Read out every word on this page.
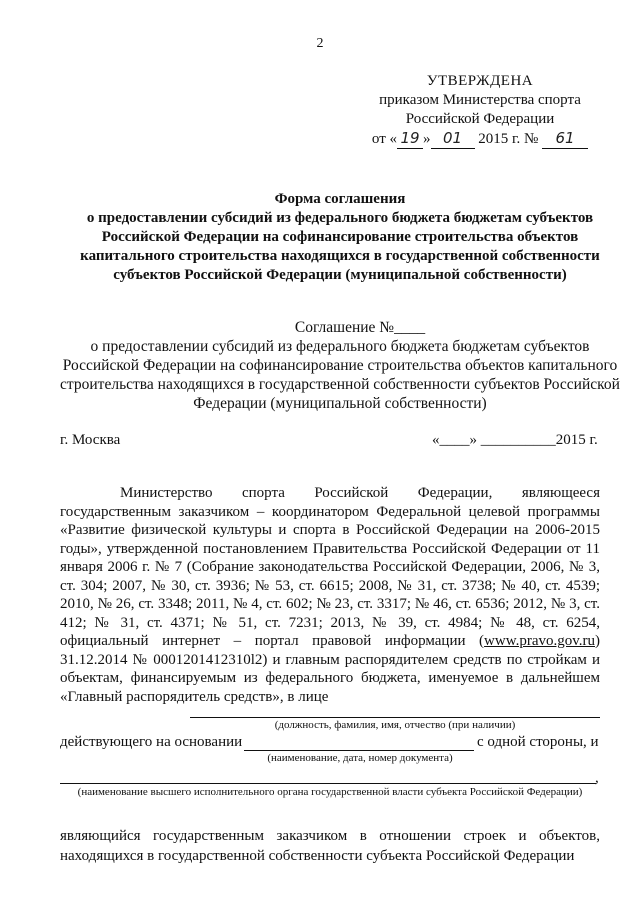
2
УТВЕРЖДЕНА
приказом Министерства спорта
Российской Федерации
от « 19 » 01 2015 г. № 61
Форма соглашения
о предоставлении субсидий из федерального бюджета бюджетам субъектов
Российской Федерации на софинансирование строительства объектов
капитального строительства находящихся в государственной собственности
субъектов Российской Федерации (муниципальной собственности)
Соглашение №____
о предоставлении субсидий из федерального бюджета бюджетам субъектов
Российской Федерации на софинансирование строительства объектов капитального
строительства находящихся в государственной собственности субъектов Российской
Федерации (муниципальной собственности)
г. Москва	«____» __________2015 г.
Министерство спорта Российской Федерации, являющееся государственным заказчиком – координатором Федеральной целевой программы «Развитие физической культуры и спорта в Российской Федерации на 2006-2015 годы», утвержденной постановлением Правительства Российской Федерации от 11 января 2006 г. № 7 (Собрание законодательства Российской Федерации, 2006, № 3, ст. 304; 2007, № 30, ст. 3936; № 53, ст. 6615; 2008, № 31, ст. 3738; № 40, ст. 4539; 2010, № 26, ст. 3348; 2011, № 4, ст. 602; № 23, ст. 3317; № 46, ст. 6536; 2012, № 3, ст. 412; № 31, ст. 4371; № 51, ст. 7231; 2013, № 39, ст. 4984; № 48, ст. 6254, официальный интернет – портал правовой информации (www.pravo.gov.ru) 31.12.2014 № 0001201412310l2) и главным распорядителем средств по стройкам и объектам, финансируемым из федерального бюджета, именуемое в дальнейшем «Главный распорядитель средств», в лице
(должность, фамилия, имя, отчество (при наличии)
действующего на основании	с одной стороны, и
(наименование, дата, номер документа)
,
(наименование высшего исполнительного органа государственной власти субъекта Российской Федерации)
являющийся государственным заказчиком в отношении строек и объектов, находящихся в государственной собственности субъекта Российской Федерации
